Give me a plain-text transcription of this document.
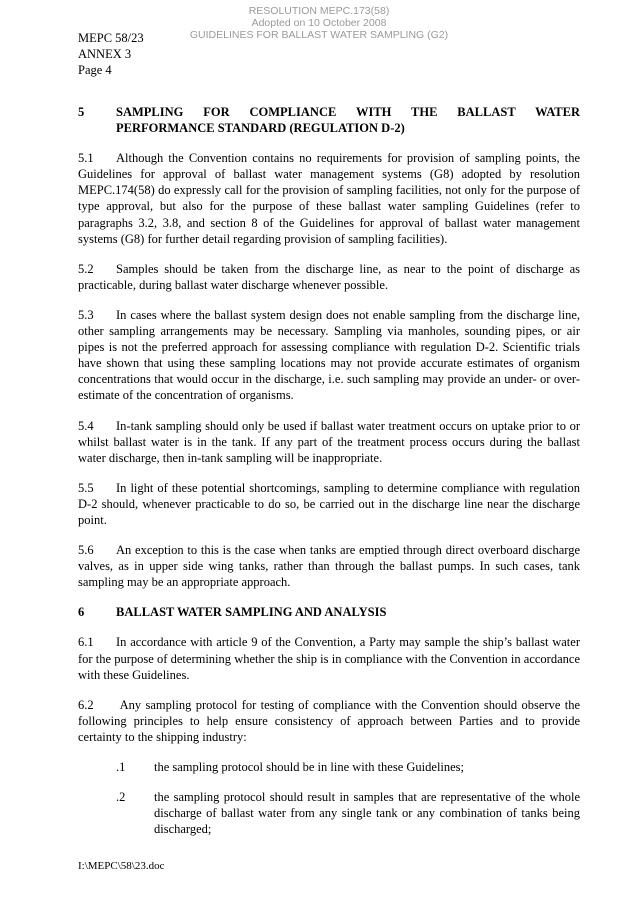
RESOLUTION MEPC.173(58)
Adopted on 10 October 2008
GUIDELINES FOR BALLAST WATER SAMPLING (G2)
MEPC 58/23
ANNEX 3
Page 4
5	SAMPLING FOR COMPLIANCE WITH THE BALLAST WATER
PERFORMANCE STANDARD (REGULATION D-2)

5.1 Although the Convention contains no requirements for provision of sampling points, the Guidelines for approval of ballast water management systems (G8) adopted by resolution MEPC.174(58) do expressly call for the provision of sampling facilities, not only for the purpose of type approval, but also for the purpose of these ballast water sampling Guidelines (refer to paragraphs 3.2, 3.8, and section 8 of the Guidelines for approval of ballast water management systems (G8) for further detail regarding provision of sampling facilities).

5.2 Samples should be taken from the discharge line, as near to the point of discharge as practicable, during ballast water discharge whenever possible.

5.3 In cases where the ballast system design does not enable sampling from the discharge line, other sampling arrangements may be necessary. Sampling via manholes, sounding pipes, or air pipes is not the preferred approach for assessing compliance with regulation D-2. Scientific trials have shown that using these sampling locations may not provide accurate estimates of organism concentrations that would occur in the discharge, i.e. such sampling may provide an under- or over-estimate of the concentration of organisms.

5.4 In-tank sampling should only be used if ballast water treatment occurs on uptake prior to or whilst ballast water is in the tank. If any part of the treatment process occurs during the ballast water discharge, then in-tank sampling will be inappropriate.

5.5 In light of these potential shortcomings, sampling to determine compliance with regulation D-2 should, whenever practicable to do so, be carried out in the discharge line near the discharge point.

5.6 An exception to this is the case when tanks are emptied through direct overboard discharge valves, as in upper side wing tanks, rather than through the ballast pumps. In such cases, tank sampling may be an appropriate approach.

6	BALLAST WATER SAMPLING AND ANALYSIS

6.1 In accordance with article 9 of the Convention, a Party may sample the ship’s ballast water for the purpose of determining whether the ship is in compliance with the Convention in accordance with these Guidelines.

6.2 Any sampling protocol for testing of compliance with the Convention should observe the following principles to help ensure consistency of approach between Parties and to provide certainty to the shipping industry:

.1	the sampling protocol should be in line with these Guidelines;
.2	the sampling protocol should result in samples that are representative of the whole discharge of ballast water from any single tank or any combination of tanks being discharged;
I:\MEPC\58\23.doc
